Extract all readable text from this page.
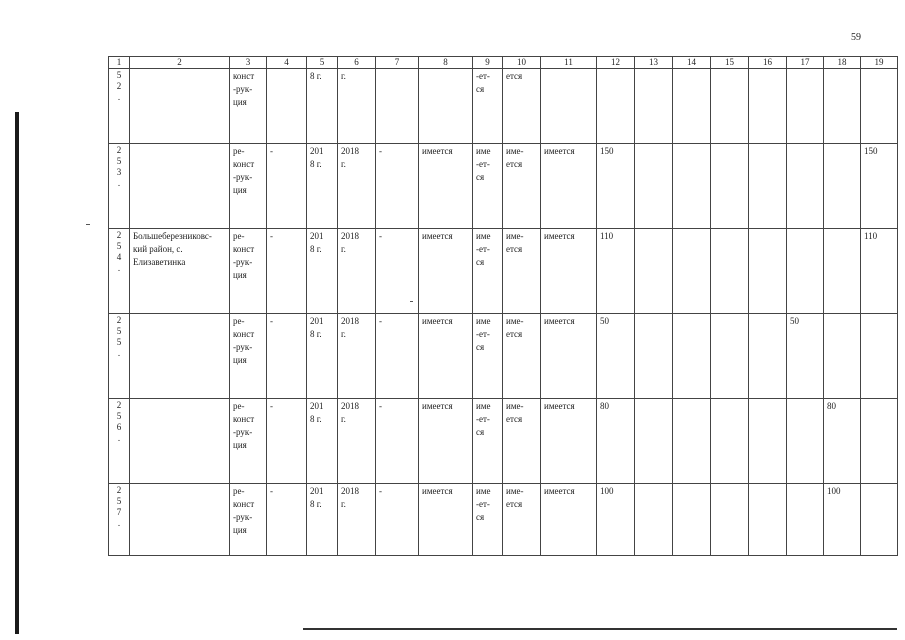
59
1	2	3	4	5	6	7	8	9	10	11	12	13	14	15	16	17	18	19

5
2
.		конст
-рук-
ция		8 г.	г.			-ет-
ся	ется									

2
5
3
.		ре-
конст
-рук-
ция	-	201
8 г.	2018
г.	-	имеется	име
-ет-
ся	име-
ется	имеется	150							150

2
5
4
.	Большеберезниковс-
кий район, с.
Елизаветинка	ре-
конст
-рук-
ция	-	201
8 г.	2018
г.	-	имеется	име
-ет-
ся	име-
ется	имеется	110							110

2
5
5
.		ре-
конст
-рук-
ция	-	201
8 г.	2018
г.	-	имеется	име
-ет-
ся	име-
ется	имеется	50					50		

2
5
6
.		ре-
конст
-рук-
ция	-	201
8 г.	2018
г.	-	имеется	име
-ет-
ся	име-
ется	имеется	80						80	

2
5
7
.		ре-
конст
-рук-
ция	-	201
8 г.	2018
г.	-	имеется	име
-ет-
ся	име-
ется	имеется	100						100	
